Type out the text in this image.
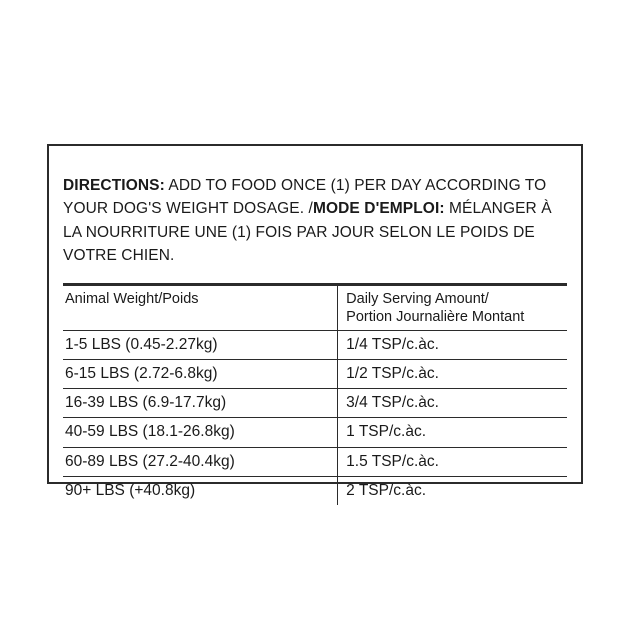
DIRECTIONS: ADD TO FOOD ONCE (1) PER DAY ACCORDING TO YOUR DOG'S WEIGHT DOSAGE. /MODE D'EMPLOI: MÉLANGER À LA NOURRITURE UNE (1) FOIS PAR JOUR SELON LE POIDS DE VOTRE CHIEN.

Animal Weight/Poids	Daily Serving Amount/
Portion Journalière Montant
1-5 LBS (0.45-2.27kg)	1/4 TSP/c.àc.
6-15 LBS (2.72-6.8kg)	1/2 TSP/c.àc.
16-39 LBS (6.9-17.7kg)	3/4 TSP/c.àc.
40-59 LBS (18.1-26.8kg)	1 TSP/c.àc.
60-89 LBS (27.2-40.4kg)	1.5 TSP/c.àc.
90+ LBS (+40.8kg)	2 TSP/c.àc.
